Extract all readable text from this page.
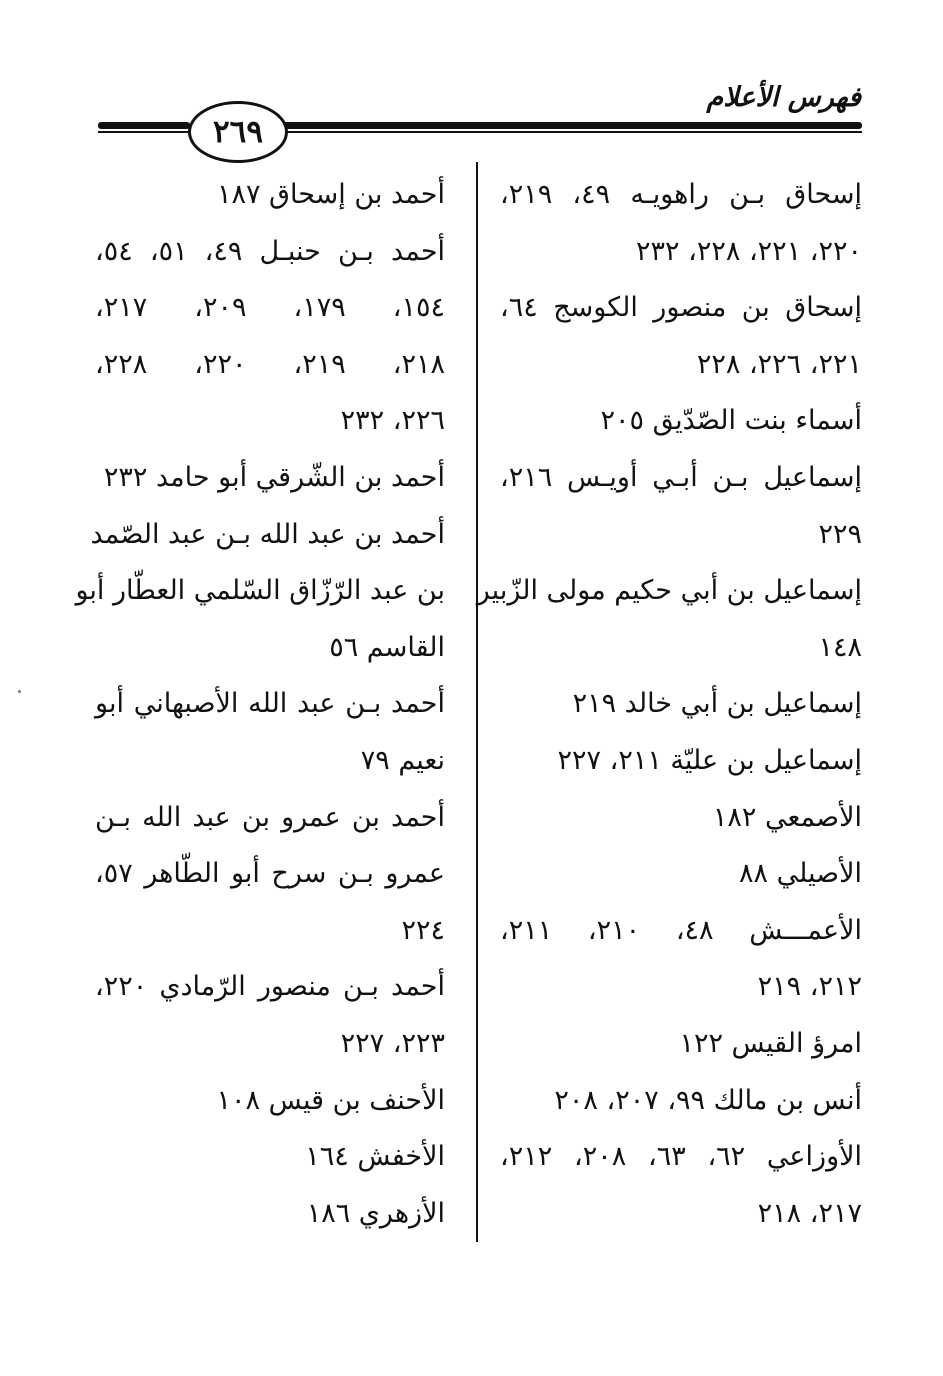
فهرس الأعلام
٢٦٩
إسحاق بـن راهويـه ٤٩، ٢١٩،
٢٢٠، ٢٢١، ٢٢٨، ٢٣٢
إسحاق بن منصور الكوسج ٦٤،
٢٢١، ٢٢٦، ٢٢٨
أسماء بنت الصّدّيق ٢٠٥
إسماعيل بـن أبـي أويـس ٢١٦،
٢٢٩
إسماعيل بن أبي حكيم مولى الزّبير
١٤٨
إسماعيل بن أبي خالد ٢١٩
إسماعيل بن عليّة ٢١١، ٢٢٧
الأصمعي ١٨٢
الأصيلي ٨٨
الأعمـــش ٤٨، ٢١٠، ٢١١،
٢١٢، ٢١٩
امرؤ القيس ١٢٢
أنس بن مالك ٩٩، ٢٠٧، ٢٠٨
الأوزاعي ٦٢، ٦٣، ٢٠٨، ٢١٢،
٢١٧، ٢١٨
أحمد بن إسحاق ١٨٧
أحمد بـن حنبـل ٤٩، ٥١، ٥٤،
١٥٤، ١٧٩، ٢٠٩، ٢١٧،
٢١٨، ٢١٩، ٢٢٠، ٢٢٨،
٢٢٦، ٢٣٢
أحمد بن الشّرقي أبو حامد ٢٣٢
أحمد بن عبد الله بـن عبد الصّمد
بن عبد الرّزّاق السّلمي العطّار أبو
القاسم ٥٦
أحمد بـن عبد الله الأصبهاني أبو
نعيم ٧٩
أحمد بن عمرو بن عبد الله بـن
عمرو بـن سرح أبو الطّاهر ٥٧،
٢٢٤
أحمد بـن منصور الرّمادي ٢٢٠،
٢٢٣، ٢٢٧
الأحنف بن قيس ١٠٨
الأخفش ١٦٤
الأزهري ١٨٦
